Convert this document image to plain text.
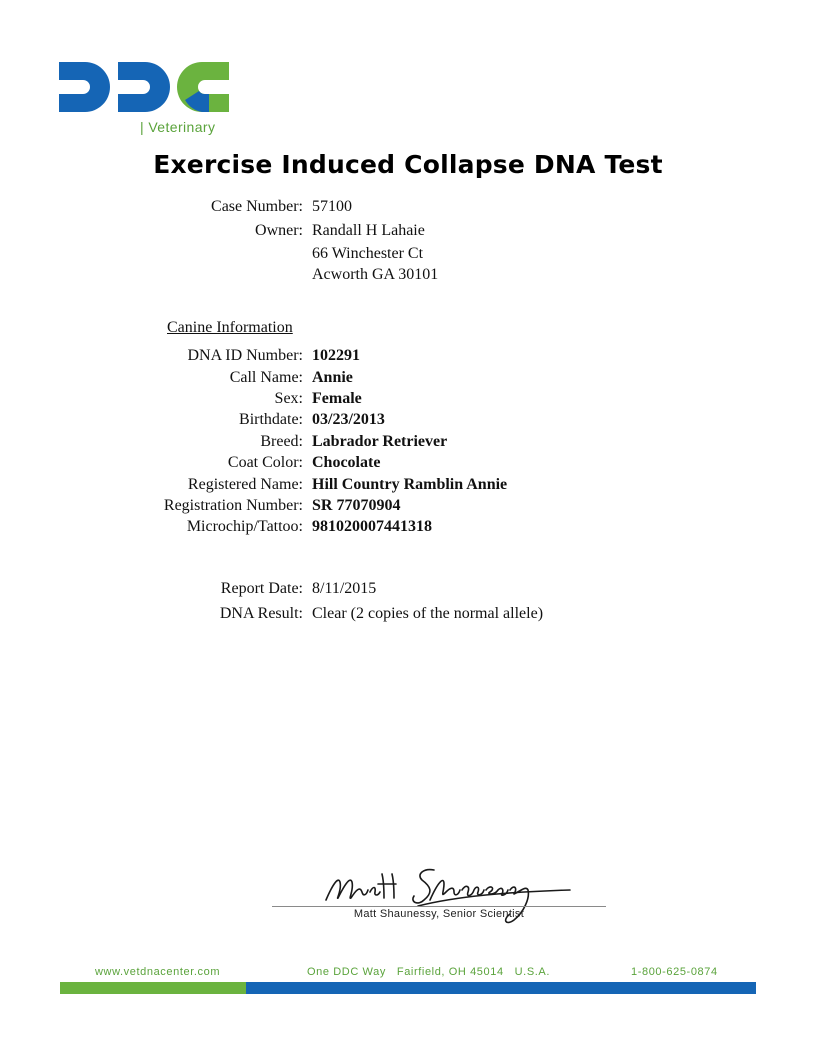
| Veterinary
Exercise Induced Collapse DNA Test
Case Number: 57100
Owner: Randall H Lahaie
66 Winchester Ct
Acworth GA 30101
Canine Information
DNA ID Number: 102291
Call Name: Annie
Sex: Female
Birthdate: 03/23/2013
Breed: Labrador Retriever
Coat Color: Chocolate
Registered Name: Hill Country Ramblin Annie
Registration Number: SR 77070904
Microchip/Tattoo: 981020007441318
Report Date: 8/11/2015
DNA Result: Clear (2 copies of the normal allele)
Matt Shaunessy, Senior Scientist
www.vetdnacenter.com	One DDC Way   Fairfield, OH 45014   U.S.A.	1-800-625-0874
